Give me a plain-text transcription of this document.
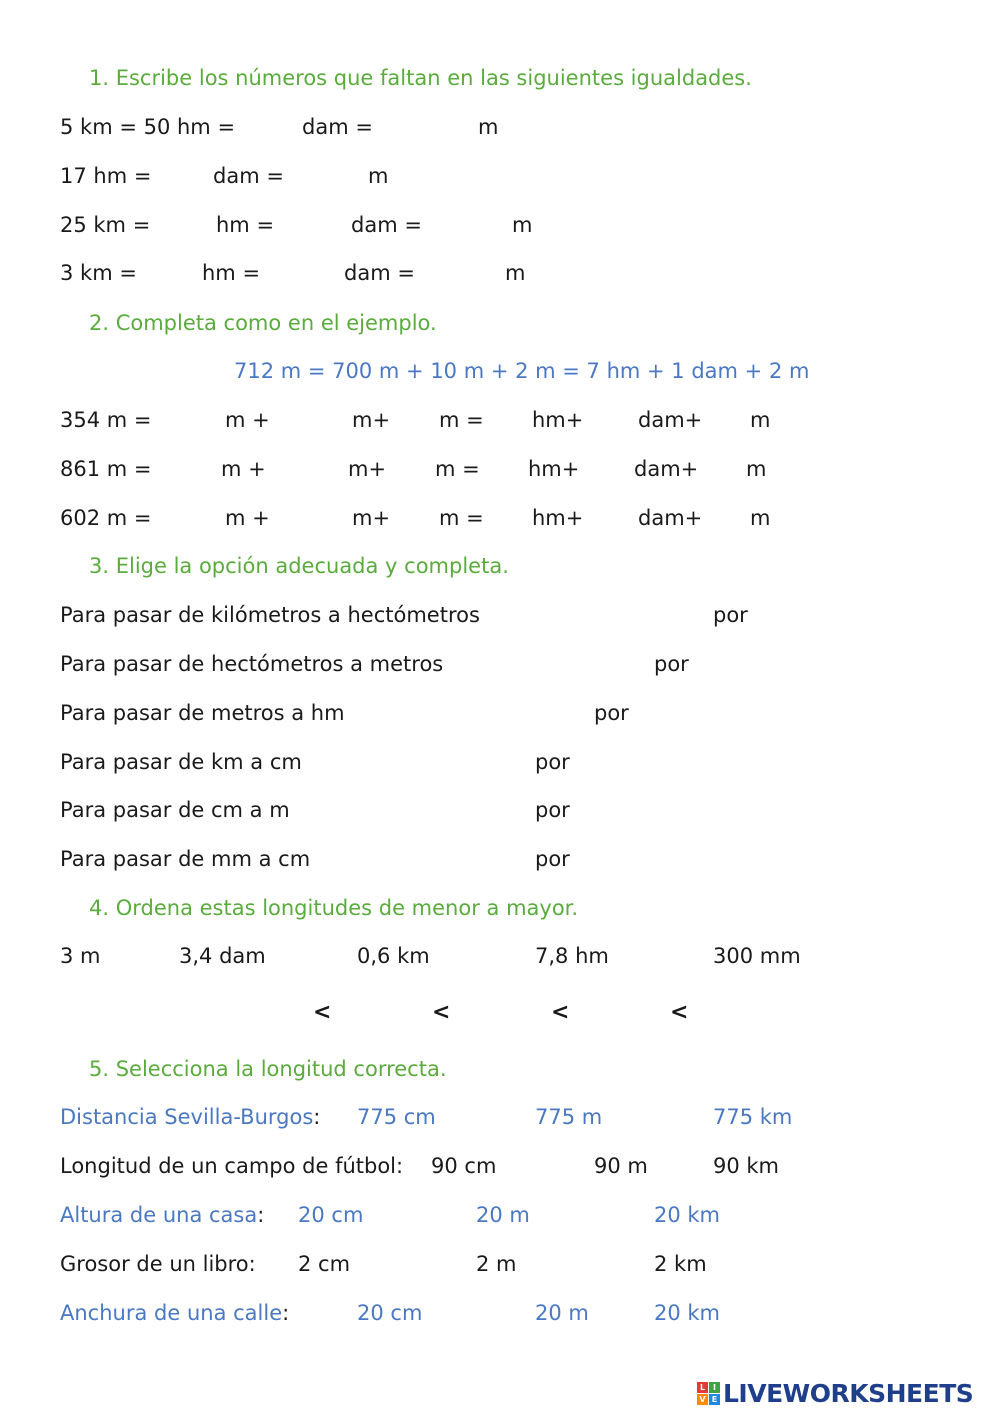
1. Escribe los números que faltan en las siguientes igualdades.
5 km = 50 hm =	dam =	m
17 hm =	dam =	m
25 km =	hm =	dam =	m
3 km =	hm =	dam =	m
2. Completa como en el ejemplo.
712 m = 700 m + 10 m + 2 m = 7 hm + 1 dam + 2 m
354 m =	m +	m+ m = hm+	dam+ m
861 m =	m +	m+ m = hm+	dam+ m
602 m =	m +	m+ m = hm+	dam+ m
3. Elige la opción adecuada y completa.
Para pasar de kilómetros a hectómetros	por
Para pasar de hectómetros a metros	por
Para pasar de metros a hm	por
Para pasar de km a cm	por
Para pasar de cm a m	por
Para pasar de mm a cm	por
4. Ordena estas longitudes de menor a mayor.
3 m	3,4 dam	0,6 km	7,8 hm	300 mm
<	<	<	<
5. Selecciona la longitud correcta.
Distancia Sevilla-Burgos: 775 cm	775 m	775 km
Longitud de un campo de fútbol: 90 cm	90 m	90 km
Altura de una casa: 20 cm	20 m	20 km
Grosor de un libro: 2 cm	2 m	2 km
Anchura de una calle:	20 cm	20 m	20 km
L I
V E LIVEWORKSHEETS
